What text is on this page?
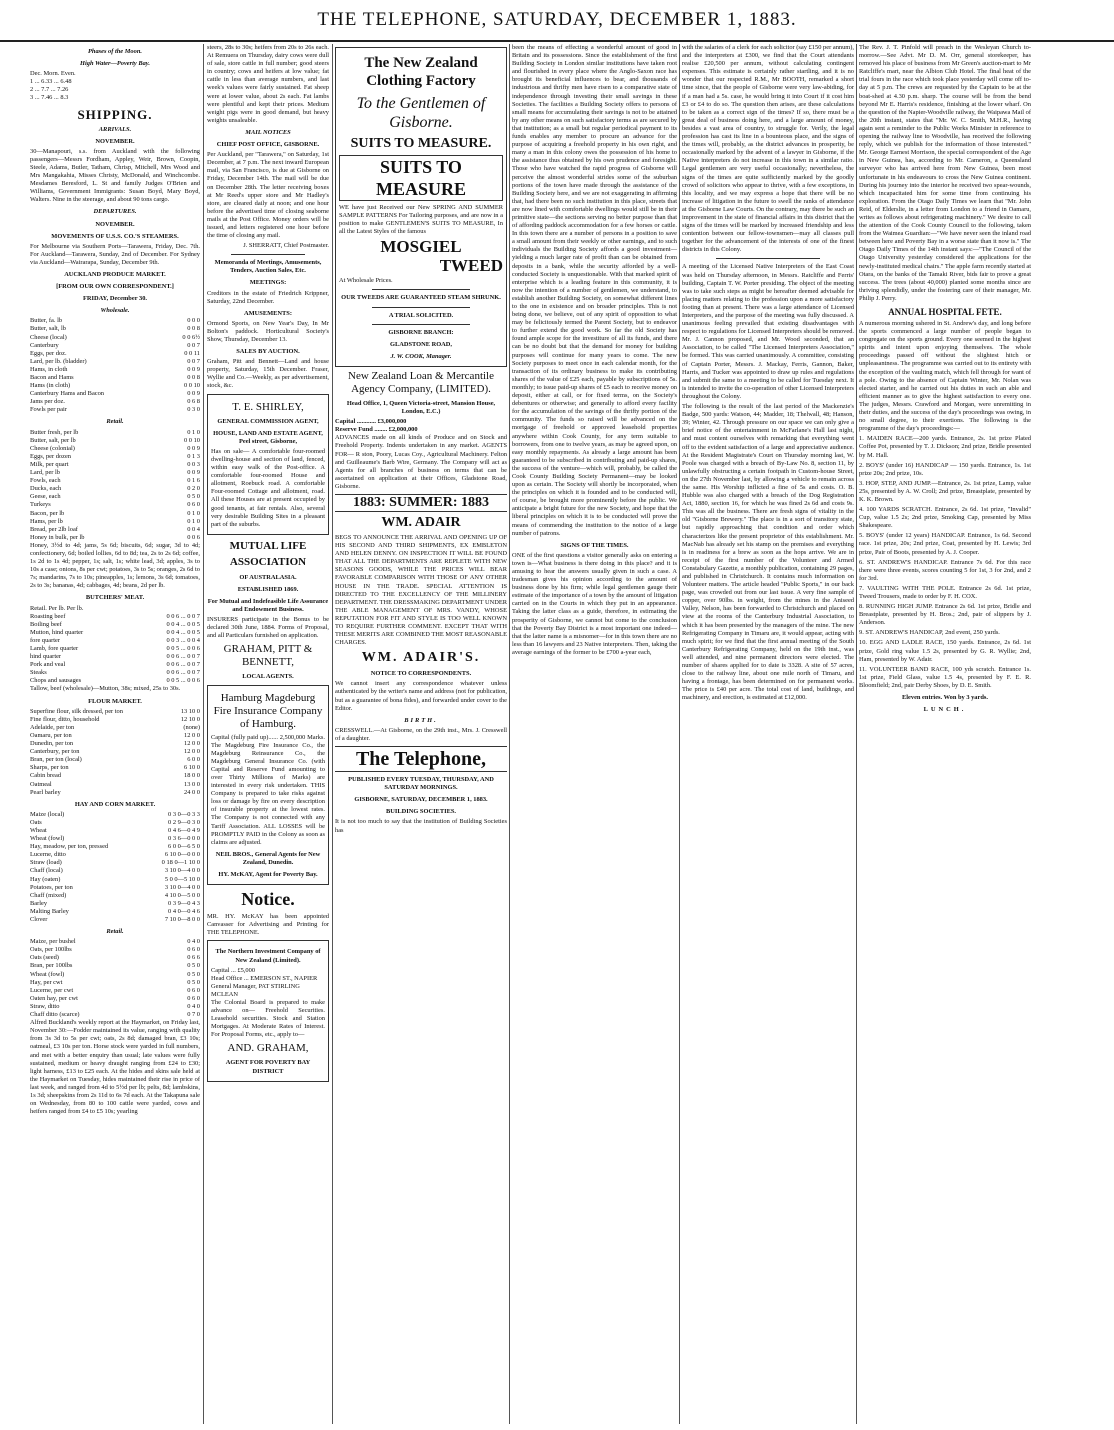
THE TELEPHONE, SATURDAY, DECEMBER 1, 1883.
Phases of the Moon.
High Water—Poverty Bay.
Dec. Morn. Even.
1 ... 6.33 ... 6.48
2 ... 7.7 ... 7.26
3 ... 7.46 ... 8.3
SHIPPING.
ARRIVALS.
NOVEMBER.

30—Manapouri, s.s. from Auckland with the following passengers—Messrs Fordham, Appley, Weir, Brown, Coopin, Steele, Adams, Butler, Tatham, Chrisp, Mitchell, Mrs Wood and Mrs Mangakahia, Misses Christy, McDonald, and Winchcombe. Mesdames Beresford, L. St and family Judges O'Brien and Williams, Government Immigrants: Susan Boyd, Mary Boyd, Walters. Nine in the steerage, and about 90 tons cargo.

DEPARTURES.
NOVEMBER.
MOVEMENTS OF U.S.S. CO.'S STEAMERS.

For Melbourne via Southern Ports—Tarawera, Friday, Dec. 7th. For Auckland—Tarawera, Sunday, 2nd of December. For Sydney via Auckland—Wairarapa, Sunday, December 9th.

AUCKLAND PRODUCE MARKET.
[FROM OUR OWN CORRESPONDENT.]
FRIDAY, December 30.
Wholesale.
Butter, fa. lb	0 0 0
Butter, salt, lb	0 0 8
Cheese (local)	0 0 6½
Canterbury	0 0 7
Eggs, per doz.	0 0 11
Lard, per lb. (bladder)	0 0 7
Hams, in cloth	0 0 9
Bacon and Hams	0 0 8
Hams (in cloth)	0 0 10
Canterbury Hams and Bacon	0 0 9
Jams per doz.	0 6 8
Fowls per pair	0 3 0
Retail.
Butter fresh, per lb	0 1 0
Butter, salt, per lb	0 0 10
Cheese (colonial)	0 0 9
Eggs, per dozen	0 1 3
Milk, per quart	0 0 3
Lard, per lb	0 0 9
Fowls, each	0 1 6
Ducks, each	0 2 0
Geese, each	0 5 0
Turkeys	0 6 0
Bacon, per lb	0 1 0
Hams, per lb	0 1 0
Bread, per 2lb loaf	0 0 4
Honey in bulk, per lb	0 0 6

Honey, 3½d to 4d; jams, 5s 6d; biscuits, 6d; sugar, 3d to 4d; confectionery, 6d; boiled lollies, 6d to 8d; tea, 2s to 2s 6d; coffee, 1s 2d to 1s 4d; pepper, 1s; salt, 1s; white lead, 3d; apples, 3s to 10s a case; onions, 8s per cwt; potatoes, 3s to 5s; oranges, 2s 6d to 7s; mandarins, 7s to 10s; pineapples, 1s; lemons, 3s 6d; tomatoes, 2s to 3s; bananas, 4d; cabbages, 4d; beans, 2d per lb.

BUTCHERS' MEAT.
Retail. Per lb. Per lb.
Roasting beef	0 0 6 ... 0 0 7
Boiling beef	0 0 4 ... 0 0 5
Mutton, hind quarter	0 0 4 ... 0 0 5
fore quarter	0 0 3 ... 0 0 4
Lamb, fore quarter	0 0 5 ... 0 0 6
hind quarter	0 0 6 ... 0 0 7
Pork and veal	0 0 6 ... 0 0 7
Steaks	0 0 6 ... 0 0 7
Chops and sausages	0 0 5 ... 0 0 6

Tallow, beef (wholesale)—Mutton, 38s; mixed, 25s to 30s.

FLOUR MARKET.
Superfine flour, silk dressed, per ton	13 10 0
Fine flour, ditto, household	12 10 0
Adelaide, per ton	(none)
Oamaru, per ton	12 0 0
Dunedin, per ton	12 0 0
Canterbury, per ton	12 0 0
Bran, per ton (local)	6 0 0
Sharps, per ton	6 10 0
Cabin bread	18 0 0
Oatmeal	13 0 0
Pearl barley	24 0 0
HAY AND CORN MARKET.
Maize (local)	0 3 0—0 3 3
Oats	0 2 9—0 3 0
Wheat	0 4 6—0 4 9
Wheat (fowl)	0 3 6—0 0 0
Hay, meadow, per ton, pressed	6 0 0—6 5 0
Lucerne, ditto	6 10 0—0 0 0
Straw (load)	0 18 0—1 10 0
Chaff (local)	3 10 0—4 0 0
Hay (oaten)	5 0 0—5 10 0
Potatoes, per ton	3 10 0—4 0 0
Chaff (mixed)	4 10 0—5 0 0
Barley	0 3 9—0 4 3
Malting Barley	0 4 0—0 4 6
Clover	7 10 0—8 0 0
Retail.
Maize, per bushel	0 4 0
Oats, per 100lbs	0 6 0
Oats (seed)	0 6 6
Bran, per 100lbs	0 5 0
Wheat (fowl)	0 5 0
Hay, per cwt	0 5 0
Lucerne, per cwt	0 6 0
Oaten hay, per cwt	0 6 0
Straw, ditto	0 4 0
Chaff ditto (scarce)	0 7 0

Alfred Buckland's weekly report at the Haymarket, on Friday last, November 30:—Fodder maintained its value, ranging with quality from 3s 3d to 5s per cwt; oats, 2s 8d; damaged bran, £3 10s; oatmeal, £3 10s per ton. Horse stock were yarded in full numbers, and met with a better enquiry than usual; late values were fully sustained, medium or heavy draught ranging from £24 to £30; light harness, £13 to £25 each. At the hides and skins sale held at the Haymarket on Tuesday, hides maintained their rise in price of last week, and ranged from 4d to 5½d per lb; pelts, 8d; lambskins, 1s 3d; sheepskins from 2s 11d to 6s 7d each. At the Takapuna sale on Wednesday, from 80 to 100 cattle were yarded, cows and heifers ranged from £4 to £5 10s; yearling

steers, 28s to 30s; heifers from 20s to 26s each. At Remuera on Thursday, dairy cows were dull of sale, store cattle in full number; good steers in country; cows and heifers at low value; fat cattle in less than average numbers, and last week's values were fairly sustained. Fat sheep were at lower value, about 2s each. Fat lambs were plentiful and kept their prices. Medium weight pigs were in good demand, but heavy weights unsaleable.

MAIL NOTICES
CHIEF POST OFFICE, GISBORNE.

Per Auckland, per "Tarawera," on Saturday, 1st December, at 7 p.m. The next inward European mail, via San Francisco, is due at Gisborne on Friday, December 14th. The mail will be due on December 28th. The letter receiving boxes at Mr Reed's upper store and Mr Hadley's store, are cleared daily at noon; and one hour before the advertised time of closing seaborne mails at the Post Office. Money orders will be issued, and letters registered one hour before the time of closing any mail.

J. SHERRATT, Chief Postmaster.
Memoranda of Meetings, Amusements, Tenders, Auction Sales, Etc.
MEETINGS:

Creditors in the estate of Friedrich Krippner, Saturday, 22nd December.

AMUSEMENTS:

Ormond Sports, on New Year's Day, In Mr Bolton's paddock. Horticultural Society's Show, Thursday, December 13.

SALES BY AUCTION.

Graham, Pitt and Bennett—Land and house property, Saturday, 15th December. Fraser, Wyllie and Co.—Weekly, as per advertisement, stock, &c.

T. E. SHIRLEY,
GENERAL COMMISSION AGENT,
HOUSE, LAND AND ESTATE AGENT, Peel street, Gisborne,

Has on sale— A comfortable four-roomed dwelling-house and section of land, fenced, within easy walk of the Post-office. A comfortable four-roomed House and allotment, Roebuck road. A comfortable Four-roomed Cottage and allotment, road. All these Houses are at present occupied by good tenants, at fair rentals. Also, several very desirable Building Sites in a pleasant part of the suburbs.

MUTUAL LIFE ASSOCIATION
OF AUSTRALASIA.
ESTABLISHED 1869.
For Mutual and Indefeasible Life Assurance and Endowment Business.

INSURERS participate in the Bonus to be declared 30th June, 1884. Forms of Proposal, and all Particulars furnished on application.

GRAHAM, PITT & BENNETT,
LOCAL AGENTS.
Hamburg Magdeburg Fire Insurance Company of Hamburg.

Capital (fully paid up)...... 2,500,000 Marks. The Magdeburg Fire Insurance Co., the Magdeburg Reinsurance Co., the Magdeburg General Insurance Co. (with Capital and Reserve Fund amounting to over Thirty Millions of Marks) are interested in every risk undertaken. THIS Company is prepared to take risks against loss or damage by fire on every description of insurable property at the lowest rates. The Company is not connected with any Tariff Association. ALL LOSSES will be PROMPTLY PAID in the Colony as soon as claims are adjusted.

NEIL BROS., General Agents for New Zealand, Dunedin.
HY. McKAY, Agent for Poverty Bay.
Notice.

MR. HY. McKAY has been appointed Canvasser for Advertising and Printing for THE TELEPHONE.

The Northern Investment Company of New Zealand (Limited).
Capital ... £5,000
Head Office ... EMERSON ST., NAPIER
General Manager, PAT STIRLING MCLEAN

The Colonial Board is prepared to make advance on— Freehold Securities. Leasehold securities. Stock and Station Mortgages. At Moderate Rates of Interest. For Proposal Forms, etc., apply to—

AND. GRAHAM,
AGENT FOR POVERTY BAY DISTRICT
The New Zealand Clothing Factory
To the Gentlemen of Gisborne.
SUITS TO MEASURE.
SUITS TO MEASURE

WE have just Received our New SPRING AND SUMMER SAMPLE PATTERNS For Tailoring purposes, and are now in a position to make GENTLEMEN'S SUITS TO MEASURE, In all the Latest Styles of the famous

MOSGIEL
TWEED
At Wholesale Prices.
OUR TWEEDS ARE GUARANTEED STEAM SHRUNK.
A TRIAL SOLICITED.
GISBORNE BRANCH:
GLADSTONE ROAD,
J. W. COOK, Manager.
New Zealand Loan & Mercantile Agency Company, (LIMITED).
Head Office, 1, Queen Victoria-street, Mansion House, London, E.C.)
Capital ............ £3,000,000
Reserve Fund ........ £2,000,000

ADVANCES made on all kinds of Produce and on Stock and Freehold Property. Indents undertaken in any market. AGENTS FOR— R ston, Poory, Lucas Coy., Agricultural Machinery. Felton and Guilleaume's Barb Wire, Germany. The Company will act as Agents for all branches of business on terms that can be ascertained on application at their Offices, Gladstone Road, Gisborne.

1883: SUMMER: 1883
WM. ADAIR

BEGS TO ANNOUNCE THE ARRIVAL AND OPENING UP OF HIS SECOND AND THIRD SHIPMENTS, EX EMBLETON AND HELEN DENNY. ON INSPECTION IT WILL BE FOUND THAT ALL THE DEPARTMENTS ARE REPLETE WITH NEW SEASONS GOODS, WHILE THE PRICES WILL BEAR FAVORABLE COMPARISON WITH THOSE OF ANY OTHER HOUSE IN THE TRADE. SPECIAL ATTENTION IS DIRECTED TO THE EXCELLENCY OF THE MILLINERY DEPARTMENT. THE DRESSMAKING DEPARTMENT UNDER THE ABLE MANAGEMENT OF MRS. VANDY, WHOSE REPUTATION FOR FIT AND STYLE IS TOO WELL KNOWN TO REQUIRE FURTHER COMMENT. EXCEPT THAT WITH THESE MERITS ARE COMBINED THE MOST REASONABLE CHARGES.

WM. ADAIR'S.
NOTICE TO CORRESPONDENTS.

We cannot insert any correspondence whatever unless authenticated by the writer's name and address (not for publication, but as a guarantee of bona fides), and forwarded under cover to the Editor.

BIRTH.

CRESSWELL.—At Gisborne, on the 29th inst., Mrs. J. Cresswell of a daughter.

The Telephone,
PUBLISHED EVERY TUESDAY, THURSDAY, AND SATURDAY MORNINGS.
GISBORNE, SATURDAY, DECEMBER 1, 1883.
BUILDING SOCIETIES.

It is not too much to say that the institution of Building Societies has

been the means of effecting a wonderful amount of good in Britain and its possessions. Since the establishment of the first Building Society in London similar institutions have taken root and flourished in every place where the Anglo-Saxon race has brought its beneficial influences to bear, and thousands of industrious and thrifty men have risen to a comparative state of independence through investing their small savings in these Societies. The facilities a Building Society offers to persons of small means for accumulating their savings is not to be attained by any other means on such satisfactory terms as are secured by that institution; as a small but regular periodical payment to its funds enables any member to procure an advance for the purpose of acquiring a freehold property in his own right, and many a man in this colony owes the possession of his home to the assistance thus obtained by his own prudence and foresight. Those who have watched the rapid progress of Gisborne will perceive the almost wonderful strides some of the suburban portions of the town have made through the assistance of the Building Society here, and we are not exaggerating in affirming that, had there been no such institution in this place, streets that are now lined with comfortable dwellings would still be in their primitive state—the sections serving no better purpose than that of affording paddock accommodation for a few horses or cattle. In this town there are a number of persons in a position to save a small amount from their weekly or other earnings, and to such individuals the Building Society affords a good investment—yielding a much larger rate of profit than can be obtained from deposits in a bank, while the security afforded by a well-conducted Society is unquestionable. With that marked spirit of enterprise which is a leading feature in this community, it is now the intention of a number of gentlemen, we understand, to establish another Building Society, on somewhat different lines to the one in existence and on broader principles. This is not being done, we believe, out of any spirit of opposition to what may be felicitously termed the Parent Society, but to endeavor to further extend the good work. So far the old Society has found ample scope for the investiture of all its funds, and there can be no doubt but that the demand for money for building purposes will continue for many years to come. The new Society purposes to meet once in each calendar month, for the transaction of its ordinary business to make its contributing shares of the value of £25 each, payable by subscriptions of 5s. monthly; to issue paid-up shares of £5 each to receive money on deposit, either at call, or for fixed terms, on the Society's debentures or otherwise; and generally to afford every facility for the accumulation of the savings of the thrifty portion of the community. The funds so raised will be advanced on the mortgage of freehold or approved leasehold properties anywhere within Cook County, for any term suitable to borrowers, from one to twelve years, as may be agreed upon, on easy monthly repayments. As already a large amount has been guaranteed to be subscribed in contributing and paid-up shares, the success of the venture—which will, probably, be called the Cook County Building Society Permanent—may be looked upon as certain. The Society will shortly be incorporated, when the principles on which it is founded and to be conducted will, of course, be brought more prominently before the public. We anticipate a bright future for the new Society, and hope that the liberal principles on which it is to be conducted will prove the means of commending the institution to the notice of a large number of patrons.

SIGNS OF THE TIMES.

ONE of the first questions a visitor generally asks on entering a town is—What business is there doing in this place? and it is amusing to hear the answers usually given in such a case. A tradesman gives his opinion according to the amount of business done by his firm; while legal gentlemen gauge their estimate of the importance of a town by the amount of litigation carried on in the Courts in which they put in an appearance. Taking the latter class as a guide, therefore, in estimating the prosperity of Gisborne, we cannot but come to the conclusion that the Poverty Bay District is a most important one indeed—that the latter name is a misnomer—for in this town there are no less than 16 lawyers and 23 Native interpreters. Then, taking the average earnings of the former to be £700 a-year each,

with the salaries of a clerk for each solicitor (say £150 per annum), and the interpreters at £300, we find that the Court attendants realise £20,500 per annum, without calculating contingent expenses. This estimate is certainly rather startling, and it is no wonder that our respected R.M., Mr BOOTH, remarked a short time since, that the people of Gisborne were very law-abiding, for if a man had a 5s. case, he would bring it into Court if it cost him £3 or £4 to do so. The question then arises, are these calculations to be taken as a correct sign of the times? If so, there must be a great deal of business doing here, and a large amount of money, besides a vast area of country, to struggle for. Verily, the legal profession has cast its line in a bounteous place, and the signs of the times will, probably, as the district advances in prosperity, be occasionally marked by the advent of a lawyer in Gisborne, if the Native interpreters do not increase in this town in a similar ratio. Legal gentlemen are very useful occasionally; nevertheless, the signs of the times are quite sufficiently marked by the goodly crowd of solicitors who appear to thrive, with a few exceptions, in this locality, and we may express a hope that there will be no increase of litigation in the future to swell the ranks of attendance at the Gisborne Law Courts. On the contrary, may there be such an improvement in the state of financial affairs in this district that the signs of the times will be marked by increased friendship and less contention between our fellow-townsmen—may all classes pull together for the advancement of the interests of one of the finest districts in this Colony.

A meeting of the Licensed Native Interpreters of the East Coast was held on Thursday afternoon, in Messrs. Ratcliffe and Ferris' building, Captain T. W. Porter presiding. The object of the meeting was to take such steps as might be hereafter deemed advisable for placing matters relating to the profession upon a more satisfactory footing than at present. There was a large attendance of Licensed Interpreters, and the purpose of the meeting was fully discussed. A unanimous feeling prevailed that existing disadvantages with respect to regulations for Licensed Interpreters should be removed. Mr. J. Cannon proposed, and Mr. Wood seconded, that an Association, to be called "The Licensed Interpreters Association," be formed. This was carried unanimously. A committee, consisting of Captain Porter, Messrs. J. Mackay, Ferris, Gannon, Baker, Harris, and Tucker was appointed to draw up rules and regulations and submit the same to a meeting to be called for Tuesday next. It is intended to invite the co-operation of other Licensed Interpreters throughout the Colony.

The following is the result of the last period of the Mackenzie's Badge, 500 yards: Watson, 44; Madder, 18; Thelwall, 48; Hanson, 39; Winter, 42. Through pressure on our space we can only give a brief notice of the entertainment in McFarlane's Hall last night, and must content ourselves with remarking that everything went off to the evident satisfaction of a large and appreciative audience. At the Resident Magistrate's Court on Thursday morning last, W. Poole was charged with a breach of By-Law No. 8, section 11, by unlawfully obstructing a certain footpath in Custom-house Street, on the 27th November last, by allowing a vehicle to remain across the same. His Worship inflicted a fine of 5s and costs. O. B. Hubble was also charged with a breach of the Dog Registration Act, 1880, section 16, for which he was fined 2s 6d and costs 9s. This was all the business. There are fresh signs of vitality in the old "Gisborne Brewery." The place is in a sort of transitory state, but rapidly approaching that condition and order which characterizes like the present proprietor of this establishment. Mr. MacNab has already set his stamp on the premises and everything is in readiness for a brew as soon as the hops arrive. We are in receipt of the first number of the Volunteer and Armed Constabulary Gazette, a monthly publication, containing 29 pages, and published in Christchurch. It contains much information on Volunteer matters. The article headed "Public Sports," in our back page, was crowded out from our last issue. A very fine sample of copper, over 90lbs. in weight, from the mines in the Aniseed Valley, Nelson, has been forwarded to Christchurch and placed on view at the rooms of the Canterbury Industrial Association, to which it has been presented by the managers of the mine. The new Refrigerating Company in Timaru are, it would appear, acting with much spirit; for we find that the first annual meeting of the South Canterbury Refrigerating Company, held on the 19th inst., was well attended, and nine permanent directors were elected. The number of shares applied for to date is 3328. A site of 57 acres, close to the railway line, about one mile north of Timaru, and having a frontage, has been determined on for permanent works. The price is £40 per acre. The total cost of land, buildings, and machinery, and erection, is estimated at £12,000.

The Rev. J. T. Pinfold will preach in the Wesleyan Church to-morrow.—See Advt. Mr D. M. Orr, general storekeeper, has removed his place of business from Mr Green's auction-mart to Mr Ratcliffe's mart, near the Albion Club Hotel. The final heat of the trial fours in the race which took place yesterday will come off to-day at 5 p.m. The crews are requested by the Captain to be at the boat-shed at 4.30 p.m. sharp. The course will be from the bend beyond Mr E. Harris's residence, finishing at the lower wharf. On the question of the Napier-Woodville railway, the Waipawa Mail of the 20th instant, states that "Mr. W. C. Smith, M.H.R., having again sent a reminder to the Public Works Minister in reference to opening the railway line to Woodville, has received the following reply, which we publish for the information of those interested." Mr. George Earnest Morrison, the special correspondent of the Age in New Guinea, has, according to Mr. Cameron, a Queensland surveyor who has arrived here from New Guinea, been most unfortunate in his endeavours to cross the New Guinea continent. During his journey into the interior he received two spear-wounds, which incapacitated him for some time from continuing his exploration. From the Otago Daily Times we learn that "Mr. John Reid, of Elderslie, in a letter from London to a friend in Oamaru, writes as follows about refrigerating machinery." We desire to call the attention of the Cook County Council to the following, taken from the Waimea Guardian:—"We have never seen the inland road between here and Poverty Bay in a worse state than it now is." The Otago Daily Times of the 14th instant says:—"The Council of the Otago University yesterday considered the applications for the newly-instituted medical chairs." The apple farm recently started at Otara, on the banks of the Tamaki River, bids fair to prove a great success. The trees (about 40,000) planted some months since are thriving splendidly, under the fostering care of their manager, Mr. Philip J. Perry.

ANNUAL HOSPITAL FETE.

A numerous morning ushered in St. Andrew's day, and long before the sports commenced a large number of people began to congregate on the sports ground. Every one seemed in the highest spirits and intent upon enjoying themselves. The whole proceedings passed off without the slightest hitch or unpleasantness. The programme was carried out to its entirety with the exception of the vaulting match, which fell through for want of a pole. Owing to the absence of Captain Winter, Mr. Nolan was elected starter, and he carried out his duties in such an able and efficient manner as to give the highest satisfaction to every one. The judges, Messrs. Crawford and Morgan, were unremitting in their duties, and the success of the day's proceedings was owing, in no small degree, to their exertions. The following is the programme of the day's proceedings:—

1. MAIDEN RACE—200 yards. Entrance, 2s. 1st prize Plated Coffee Pot, presented by T. J. Dickson; 2nd prize, Bridle presented by M. Hall.

2. BOYS' (under 16) HANDICAP — 150 yards. Entrance, 1s. 1st prize 20s; 2nd prize, 10s.

3. HOP, STEP, AND JUMP.—Entrance, 2s. 1st prize, Lamp, value 25s, presented by A. W. Croll; 2nd prize, Breastplate, presented by K. K. Brown.

4. 100 YARDS SCRATCH. Entrance, 2s 6d. 1st prize, "Invalid" Cup, value 1.5 2s; 2nd prize, Smoking Cap, presented by Miss Shakespeare.

5. BOYS' (under 12 years) HANDICAP. Entrance, 1s 6d. Second race. 1st prize, 20s; 2nd prize, Coat, presented by H. Lewis; 3rd prize, Pair of Boots, presented by A. J. Cooper.

6. ST. ANDREW'S HANDICAP. Entrance 7s 6d. For this race there were three events, scores counting 5 for 1st, 3 for 2nd, and 2 for 3rd.

7. VAULTING WITH THE POLE. Entrance 2s 6d. 1st prize, Tweed Trousers, made to order by F. H. COX.

8. RUNNING HIGH JUMP. Entrance 2s 6d. 1st prize, Bridle and Breastplate, presented by H. Bros.; 2nd, pair of slippers by J. Anderson.

9. ST. ANDREW'S HANDICAP, 2nd event, 250 yards.

10. EGG AND LADLE RACE, 150 yards. Entrance, 2s 6d. 1st prize, Gold ring value 1.5 2s, presented by G. R. Wyllie; 2nd, Ham, presented by W. Adair.

11. VOLUNTEER BAND RACE, 100 yds scratch. Entrance 1s. 1st prize, Field Glass, value 1.5 4s, presented by F. E. R. Bloomfield; 2nd, pair Derby Shoes, by D. E. Smith.

Eleven entries. Won by 3 yards.
LUNCH.
